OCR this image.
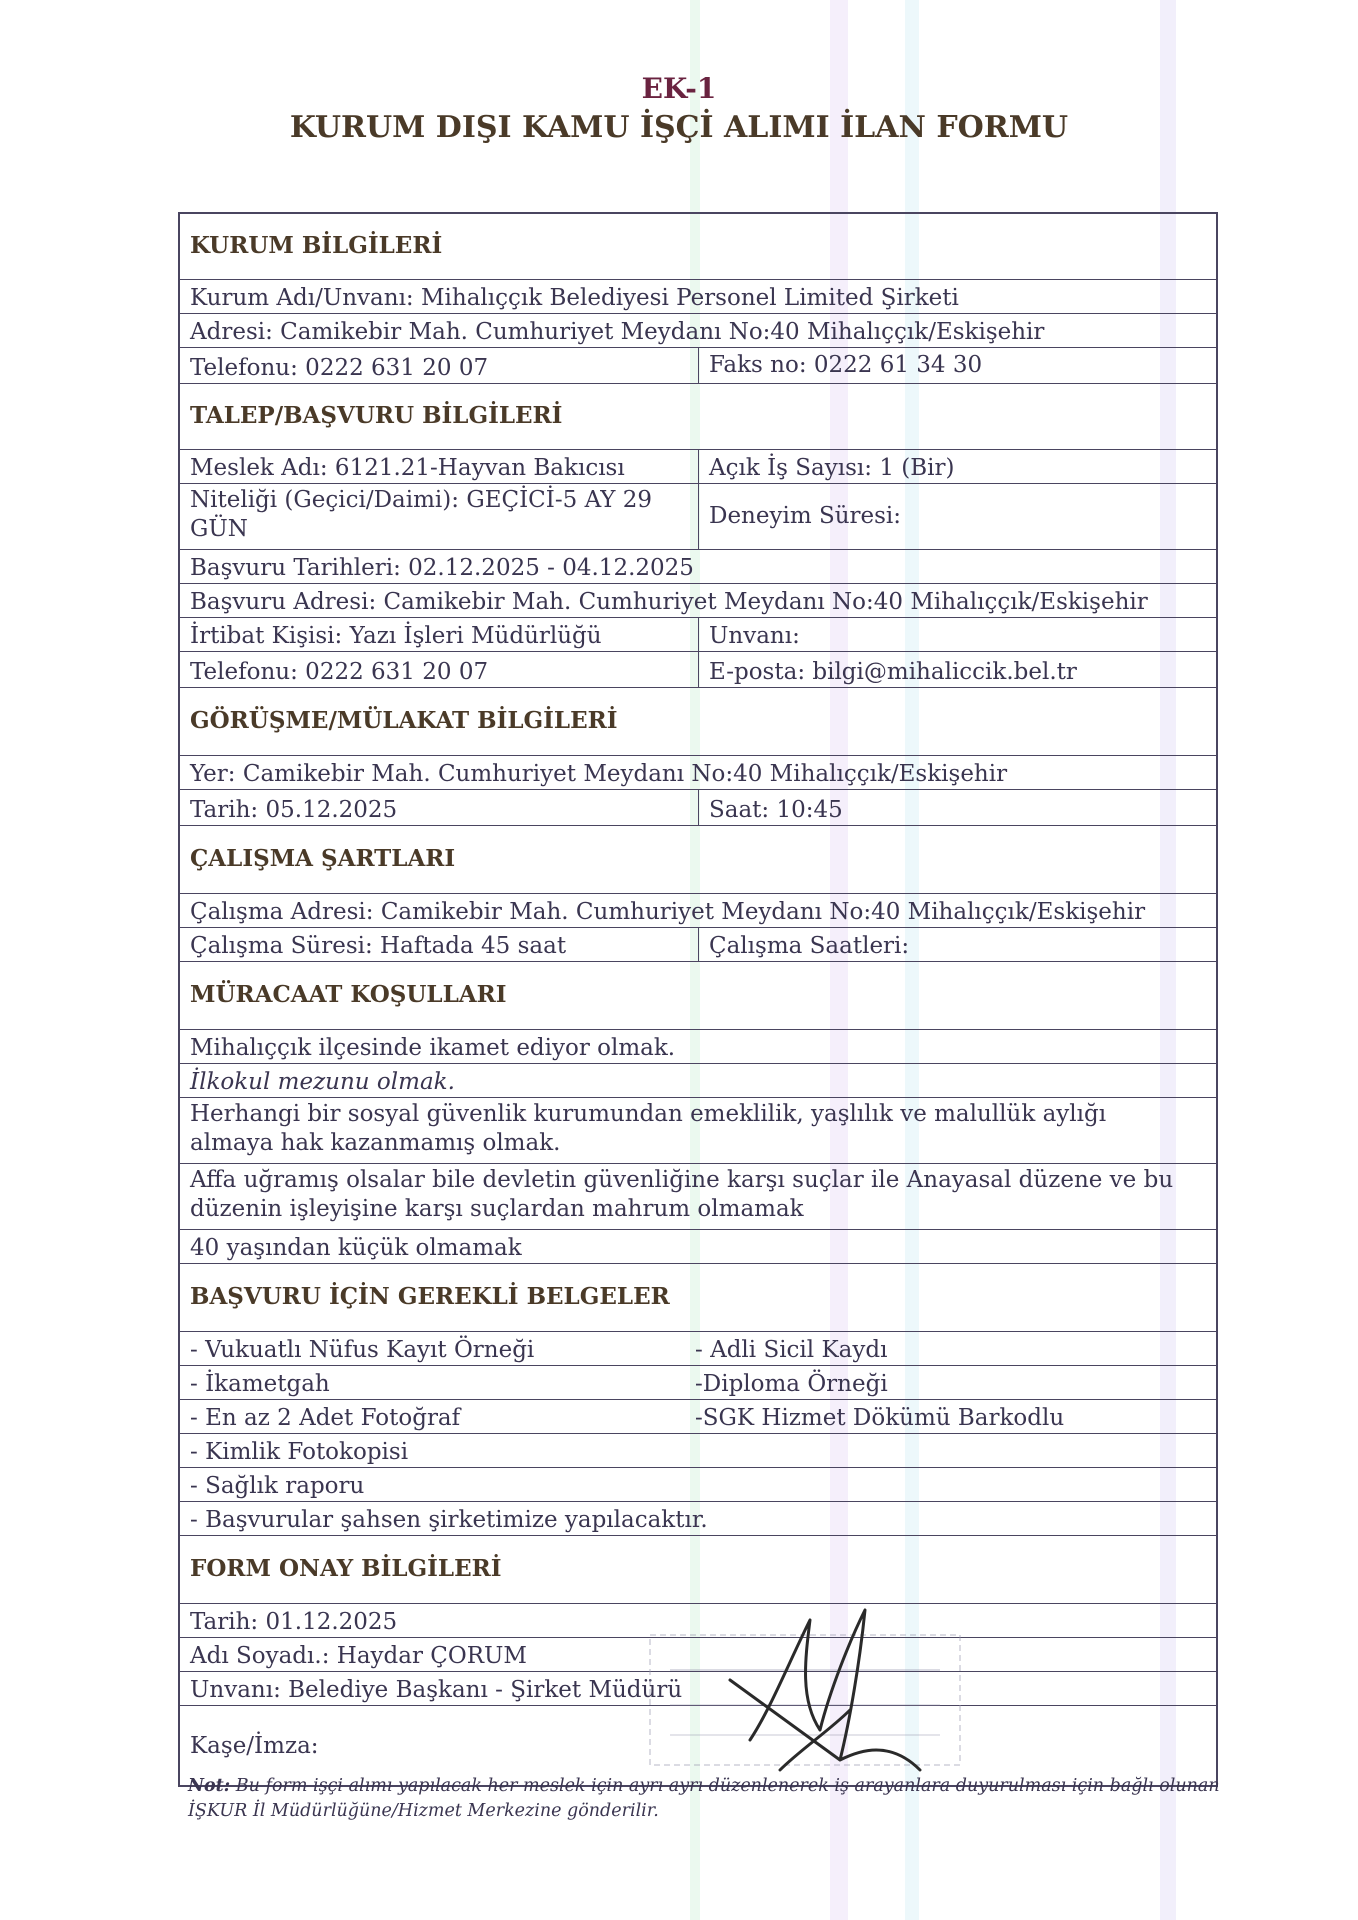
EK-1
KURUM DIŞI KAMU İŞÇİ ALIMI İLAN FORMU
KURUM BİLGİLERİ
Kurum Adı/Unvanı: Mihalıççık Belediyesi Personel Limited Şirketi
Adresi: Camikebir Mah. Cumhuriyet Meydanı No:40 Mihalıççık/Eskişehir
Telefonu: 0222 631 20 07	Faks no: 0222 61 34 30
TALEP/BAŞVURU BİLGİLERİ
Meslek Adı: 6121.21-Hayvan Bakıcısı	Açık İş Sayısı: 1 (Bir)
Niteliği (Geçici/Daimi): GEÇİCİ-5 AY 29 GÜN	Deneyim Süresi:
Başvuru Tarihleri: 02.12.2025 - 04.12.2025
Başvuru Adresi: Camikebir Mah. Cumhuriyet Meydanı No:40 Mihalıççık/Eskişehir
İrtibat Kişisi: Yazı İşleri Müdürlüğü	Unvanı:
Telefonu: 0222 631 20 07	E-posta: bilgi@mihaliccik.bel.tr
GÖRÜŞME/MÜLAKAT BİLGİLERİ
Yer: Camikebir Mah. Cumhuriyet Meydanı No:40 Mihalıççık/Eskişehir
Tarih: 05.12.2025	Saat: 10:45
ÇALIŞMA ŞARTLARI
Çalışma Adresi: Camikebir Mah. Cumhuriyet Meydanı No:40 Mihalıççık/Eskişehir
Çalışma Süresi: Haftada 45 saat	Çalışma Saatleri:
MÜRACAAT KOŞULLARI
Mihalıççık ilçesinde ikamet ediyor olmak.
İlkokul mezunu olmak.
Herhangi bir sosyal güvenlik kurumundan emeklilik, yaşlılık ve malullük aylığı almaya hak kazanmamış olmak.
Affa uğramış olsalar bile devletin güvenliğine karşı suçlar ile Anayasal düzene ve bu düzenin işleyişine karşı suçlardan mahrum olmamak
40 yaşından küçük olmamak
BAŞVURU İÇİN GEREKLİ BELGELER
- Vukuatlı Nüfus Kayıt Örneği	- Adli Sicil Kaydı
- İkametgah	-Diploma Örneği
- En az 2 Adet Fotoğraf	-SGK Hizmet Dökümü Barkodlu
- Kimlik Fotokopisi
- Sağlık raporu
- Başvurular şahsen şirketimize yapılacaktır.
FORM ONAY BİLGİLERİ
Tarih: 01.12.2025
Adı Soyadı.: Haydar ÇORUM
Unvanı: Belediye Başkanı - Şirket Müdürü
Kaşe/İmza:
Not: Bu form işçi alımı yapılacak her meslek için ayrı ayrı düzenlenerek iş arayanlara duyurulması için bağlı olunan İŞKUR İl Müdürlüğüne/Hizmet Merkezine gönderilir.
